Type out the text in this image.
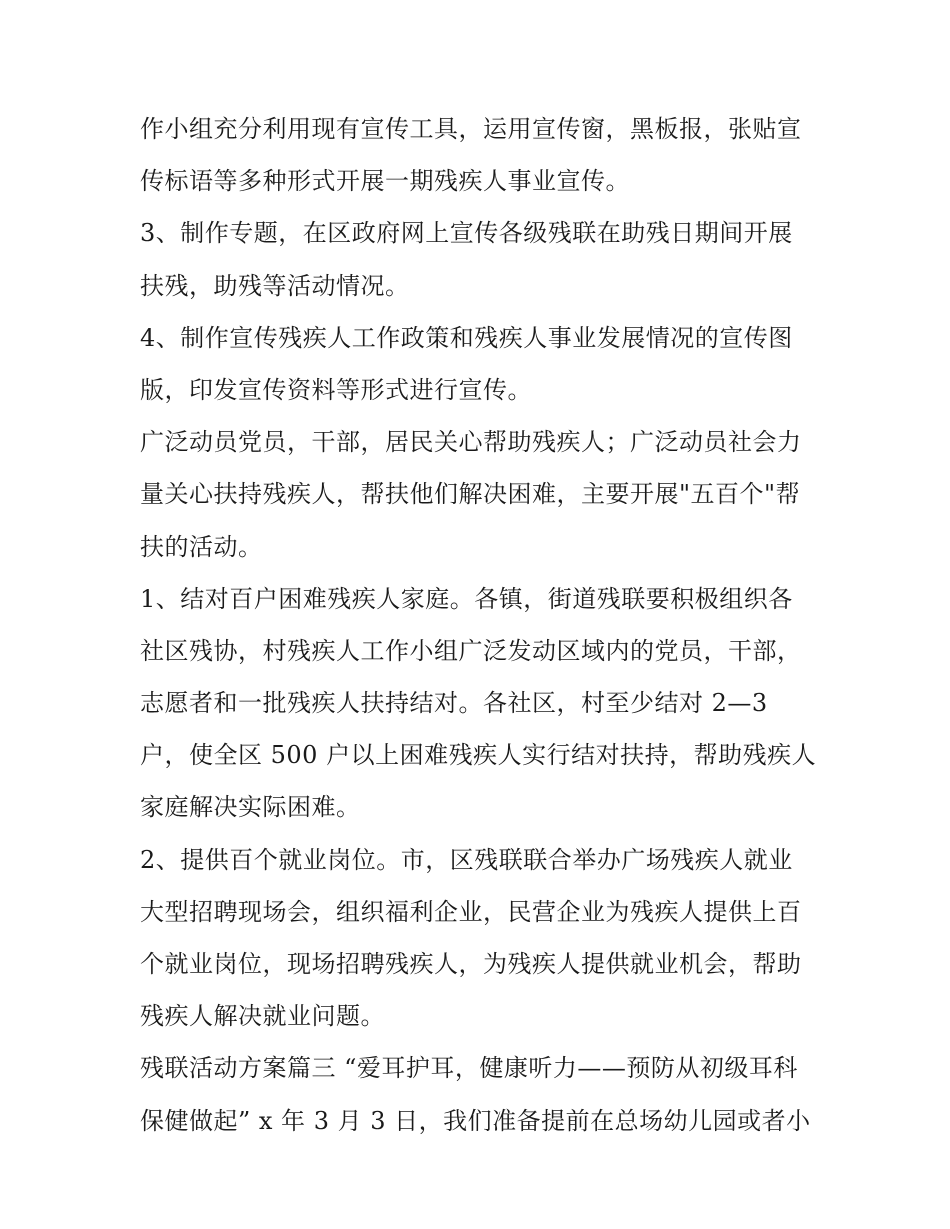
作小组充分利用现有宣传工具，运用宣传窗，黑板报，张贴宣
传标语等多种形式开展一期残疾人事业宣传。
3、制作专题，在区政府网上宣传各级残联在助残日期间开展
扶残，助残等活动情况。
4、制作宣传残疾人工作政策和残疾人事业发展情况的宣传图
版，印发宣传资料等形式进行宣传。
广泛动员党员，干部，居民关心帮助残疾人；广泛动员社会力
量关心扶持残疾人，帮扶他们解决困难，主要开展"五百个"帮
扶的活动。
1、结对百户困难残疾人家庭。各镇，街道残联要积极组织各
社区残协，村残疾人工作小组广泛发动区域内的党员，干部，
志愿者和一批残疾人扶持结对。各社区，村至少结对 2—3
户，使全区 500 户以上困难残疾人实行结对扶持，帮助残疾人
家庭解决实际困难。
2、提供百个就业岗位。市，区残联联合举办广场残疾人就业
大型招聘现场会，组织福利企业，民营企业为残疾人提供上百
个就业岗位，现场招聘残疾人，为残疾人提供就业机会，帮助
残疾人解决就业问题。
残联活动方案篇三 “爱耳护耳，健康听力——预防从初级耳科
保健做起” x 年 3 月 3 日，我们准备提前在总场幼儿园或者小
